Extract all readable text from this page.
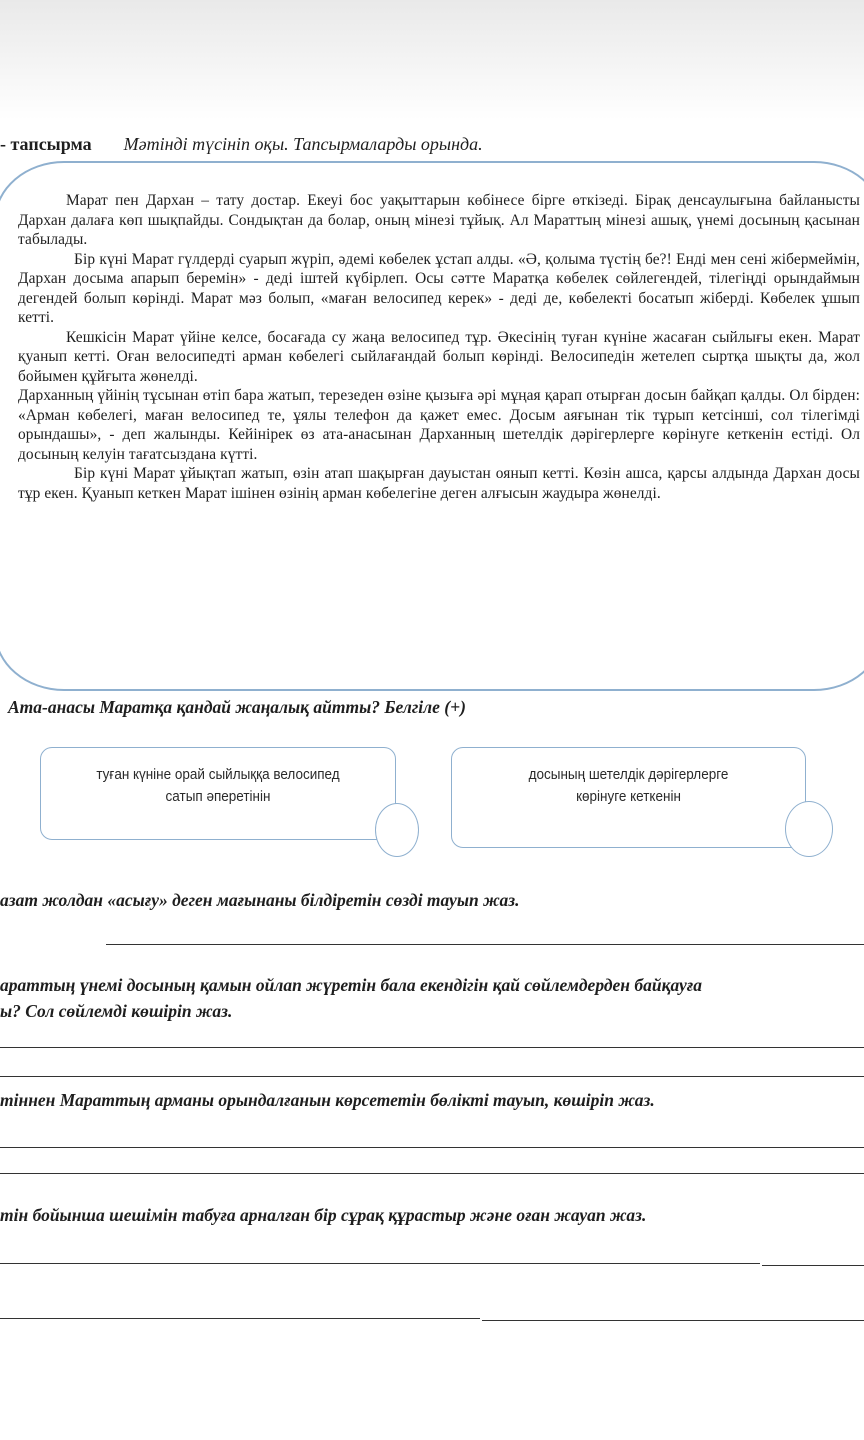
- тапсырма Мәтінді түсініп оқы. Тапсырмаларды орында.

Марат пен Дархан – тату достар. Екеуі бос уақыттарын көбінесе бірге өткізеді. Бірақ денсаулығына байланысты Дархан далаға көп шықпайды. Сондықтан да болар, оның мінезі тұйық. Ал Мараттың мінезі ашық, үнемі досының қасынан табылады.

Бір күні Марат гүлдерді суарып жүріп, әдемі көбелек ұстап алды. «Ә, қолыма түстің бе?! Енді мен сені жібермеймін, Дархан досыма апарып беремін» - деді іштей күбірлеп. Осы сәтте Маратқа көбелек сөйлегендей, тілегіңді орындаймын дегендей болып көрінді. Марат мәз болып, «маған велосипед керек» - деді де, көбелекті босатып жіберді. Көбелек ұшып кетті.

Кешкісін Марат үйіне келсе, босағада су жаңа велосипед тұр. Әкесінің туған күніне жасаған сыйлығы екен. Марат қуанып кетті. Оған велосипедті арман көбелегі сыйлағандай болып көрінді. Велосипедін жетелеп сыртқа шықты да, жол бойымен құйғыта жөнелді.

Дарханның үйінің тұсынан өтіп бара жатып, терезеден өзіне қызыға әрі мұңая қарап отырған досын байқап қалды. Ол бірден: «Арман көбелегі, маған велосипед те, ұялы телефон да қажет емес. Досым аяғынан тік тұрып кетсінші, сол тілегімді орындашы», - деп жалынды. Кейінірек өз ата-анасынан Дарханның шетелдік дәрігерлерге көрінуге кеткенін естіді. Ол досының келуін тағатсыздана күтті.

Бір күні Марат ұйықтап жатып, өзін атап шақырған дауыстан оянып кетті. Көзін ашса, қарсы алдында Дархан досы тұр екен. Қуанып кеткен Марат ішінен өзінің арман көбелегіне деген алғысын жаудыра жөнелді.

Ата-анасы Маратқа қандай жаңалық айтты? Белгіле (+)
туған күніне орай сыйлыққа велосипед
сатып әперетінін
досының шетелдік дәрігерлерге
көрінуге кеткенін
азат жолдан «асығу» деген мағынаны білдіретін сөзді тауып жаз.
араттың үнемі досының қамын ойлап жүретін бала екендігін қай сөйлемдерден байқауға
ы? Сол сөйлемді көшіріп жаз.
тіннен Мараттың арманы орындалғанын көрсететін бөлікті тауып, көшіріп жаз.
тін бойынша шешімін табуға арналған бір сұрақ құрастыр және оған жауап жаз.
